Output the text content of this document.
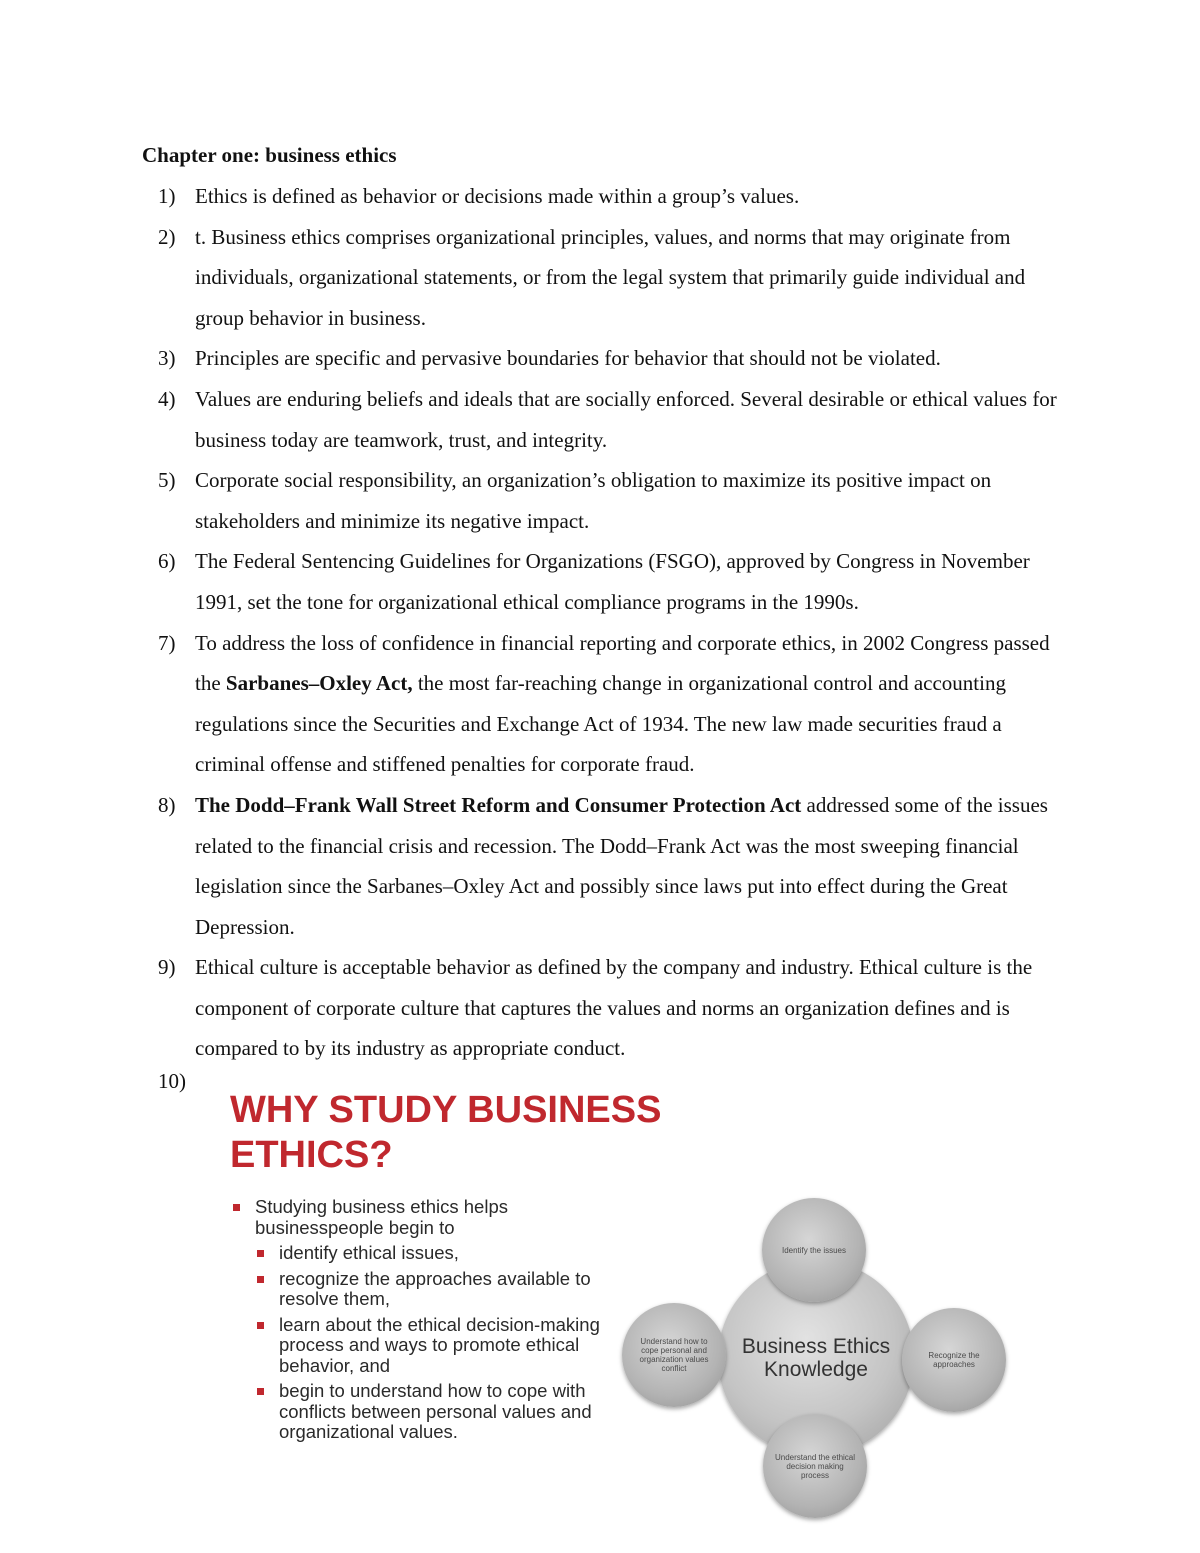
Chapter one: business ethics
1) Ethics is defined as behavior or decisions made within a group’s values.
2) t. Business ethics comprises organizational principles, values, and norms that may originate from individuals, organizational statements, or from the legal system that primarily guide individual and group behavior in business.
3) Principles are specific and pervasive boundaries for behavior that should not be violated.
4) Values are enduring beliefs and ideals that are socially enforced. Several desirable or ethical values for business today are teamwork, trust, and integrity.
5) Corporate social responsibility, an organization’s obligation to maximize its positive impact on stakeholders and minimize its negative impact.
6) The Federal Sentencing Guidelines for Organizations (FSGO), approved by Congress in November 1991, set the tone for organizational ethical compliance programs in the 1990s.
7) To address the loss of confidence in financial reporting and corporate ethics, in 2002 Congress passed the Sarbanes–Oxley Act, the most far-reaching change in organizational control and accounting regulations since the Securities and Exchange Act of 1934. The new law made securities fraud a criminal offense and stiffened penalties for corporate fraud.
8) The Dodd–Frank Wall Street Reform and Consumer Protection Act addressed some of the issues related to the financial crisis and recession. The Dodd–Frank Act was the most sweeping financial legislation since the Sarbanes–Oxley Act and possibly since laws put into effect during the Great Depression.
9) Ethical culture is acceptable behavior as defined by the company and industry. Ethical culture is the component of corporate culture that captures the values and norms an organization defines and is compared to by its industry as appropriate conduct.
10)
WHY STUDY BUSINESS ETHICS?
Studying business ethics helps businesspeople begin to
identify ethical issues,
recognize the approaches available to resolve them,
learn about the ethical decision-making process and ways to promote ethical behavior, and
begin to understand how to cope with conflicts between personal values and organizational values.
Business Ethics Knowledge
Identify the issues
Recognize the approaches
Understand the ethical decision making process
Understand how to cope personal and organization values conflict
